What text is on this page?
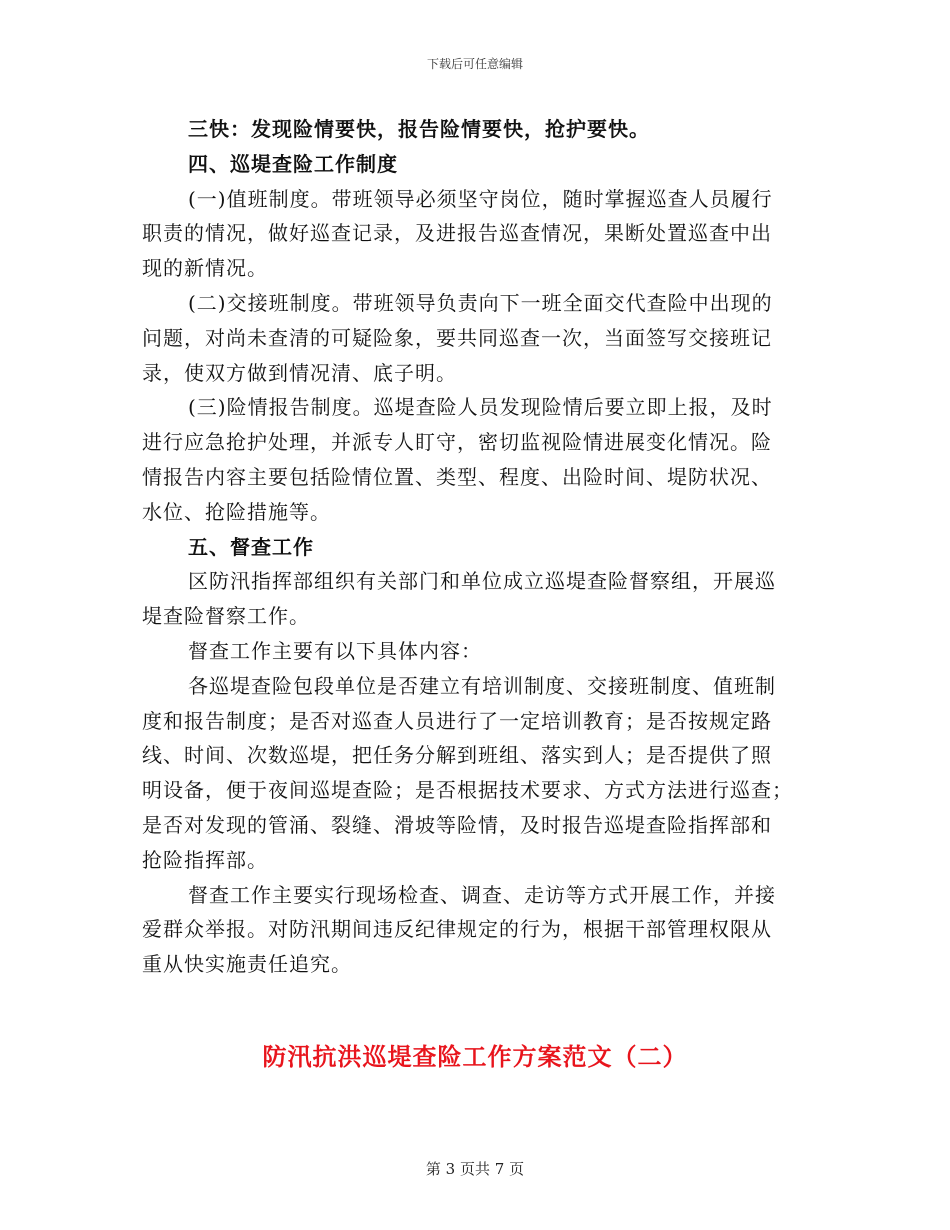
下载后可任意编辑
三快：发现险情要快，报告险情要快，抢护要快。
四、巡堤查险工作制度
(一)值班制度。带班领导必须坚守岗位，随时掌握巡查人员履行
职责的情况，做好巡查记录，及进报告巡查情况，果断处置巡查中出
现的新情况。
(二)交接班制度。带班领导负责向下一班全面交代查险中出现的
问题，对尚未查清的可疑险象，要共同巡查一次，当面签写交接班记
录，使双方做到情况清、底子明。
(三)险情报告制度。巡堤查险人员发现险情后要立即上报，及时
进行应急抢护处理，并派专人盯守，密切监视险情进展变化情况。险
情报告内容主要包括险情位置、类型、程度、出险时间、堤防状况、
水位、抢险措施等。
五、督查工作
区防汛指挥部组织有关部门和单位成立巡堤查险督察组，开展巡
堤查险督察工作。
督查工作主要有以下具体内容：
各巡堤查险包段单位是否建立有培训制度、交接班制度、值班制
度和报告制度；是否对巡查人员进行了一定培训教育；是否按规定路
线、时间、次数巡堤，把任务分解到班组、落实到人；是否提供了照
明设备，便于夜间巡堤查险；是否根据技术要求、方式方法进行巡查；
是否对发现的管涌、裂缝、滑坡等险情，及时报告巡堤查险指挥部和
抢险指挥部。
督查工作主要实行现场检查、调查、走访等方式开展工作，并接
爱群众举报。对防汛期间违反纪律规定的行为，根据干部管理权限从
重从快实施责任追究。
防汛抗洪巡堤查险工作方案范文（二）
第 3 页共 7 页
